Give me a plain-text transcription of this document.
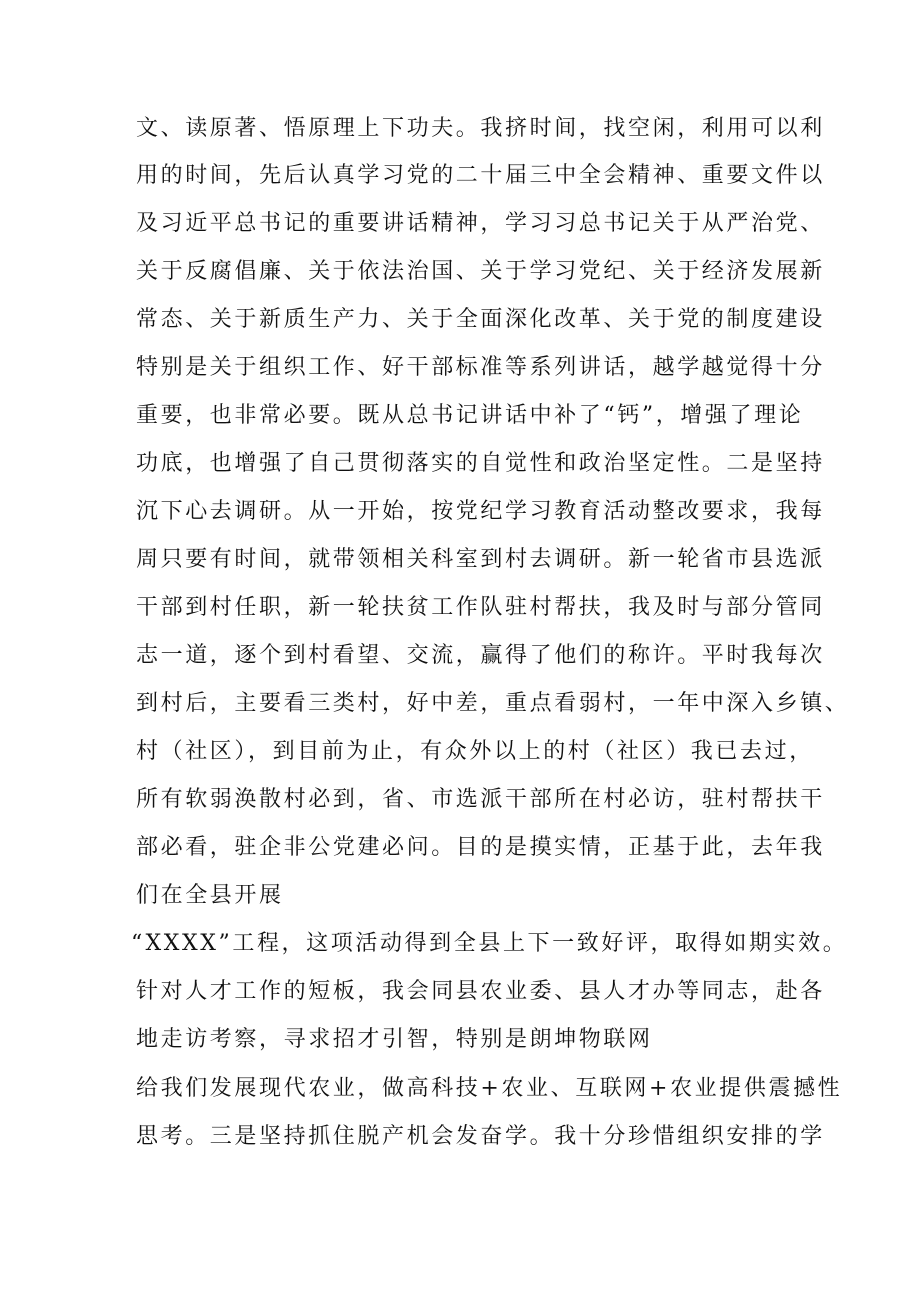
文、读原著、悟原理上下功夫。我挤时间，找空闲，利用可以利
用的时间，先后认真学习党的二十届三中全会精神、重要文件以
及习近平总书记的重要讲话精神，学习习总书记关于从严治党、
关于反腐倡廉、关于依法治国、关于学习党纪、关于经济发展新
常态、关于新质生产力、关于全面深化改革、关于党的制度建设
特别是关于组织工作、好干部标准等系列讲话，越学越觉得十分
重要，也非常必要。既从总书记讲话中补了“钙”，增强了理论
功底，也增强了自己贯彻落实的自觉性和政治坚定性。二是坚持
沉下心去调研。从一开始，按党纪学习教育活动整改要求，我每
周只要有时间，就带领相关科室到村去调研。新一轮省市县选派
干部到村任职，新一轮扶贫工作队驻村帮扶，我及时与部分管同
志一道，逐个到村看望、交流，赢得了他们的称许。平时我每次
到村后，主要看三类村，好中差，重点看弱村，一年中深入乡镇、
村（社区），到目前为止，有众外以上的村（社区）我已去过，
所有软弱涣散村必到，省、市选派干部所在村必访，驻村帮扶干
部必看，驻企非公党建必问。目的是摸实情，正基于此，去年我
们在全县开展
“XXXX”工程，这项活动得到全县上下一致好评，取得如期实效。
针对人才工作的短板，我会同县农业委、县人才办等同志，赴各
地走访考察，寻求招才引智，特别是朗坤物联网
给我们发展现代农业，做高科技+农业、互联网+农业提供震撼性
思考。三是坚持抓住脱产机会发奋学。我十分珍惜组织安排的学
